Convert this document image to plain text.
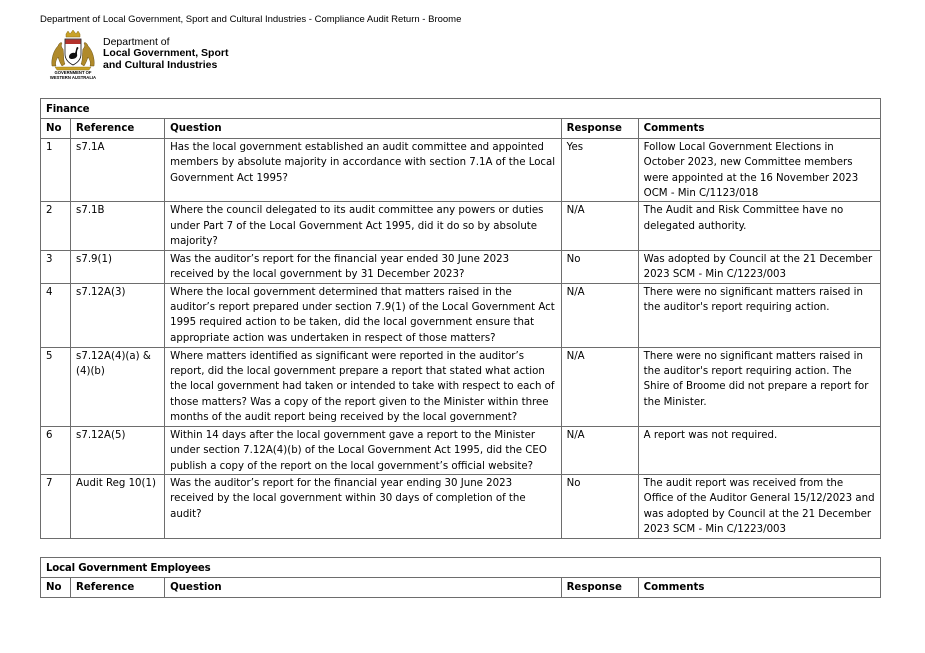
Department of Local Government, Sport and Cultural Industries - Compliance Audit Return - Broome
GOVERNMENT OF
WESTERN AUSTRALIA
Department of
Local Government, Sport
and Cultural Industries
Finance				
No	Reference	Question	Response	Comments
1	s7.1A	Has the local government established an audit committee and appointed members by absolute majority in accordance with section 7.1A of the Local Government Act 1995?	Yes	Follow Local Government Elections in October 2023, new Committee members were appointed at the 16 November 2023 OCM - Min C/1123/018
2	s7.1B	Where the council delegated to its audit committee any powers or duties under Part 7 of the Local Government Act 1995, did it do so by absolute majority?	N/A	The Audit and Risk Committee have no delegated authority.
3	s7.9(1)	Was the auditor’s report for the financial year ended 30 June 2023 received by the local government by 31 December 2023?	No	Was adopted by Council at the 21 December 2023 SCM - Min C/1223/003
4	s7.12A(3)	Where the local government determined that matters raised in the auditor’s report prepared under section 7.9(1) of the Local Government Act 1995 required action to be taken, did the local government ensure that appropriate action was undertaken in respect of those matters?	N/A	There were no significant matters raised in the auditor's report requiring action.
5	s7.12A(4)(a) & (4)(b)	Where matters identified as significant were reported in the auditor’s report, did the local government prepare a report that stated what action the local government had taken or intended to take with respect to each of those matters? Was a copy of the report given to the Minister within three months of the audit report being received by the local government?	N/A	There were no significant matters raised in the auditor's report requiring action. The Shire of Broome did not prepare a report for the Minister.
6	s7.12A(5)	Within 14 days after the local government gave a report to the Minister under section 7.12A(4)(b) of the Local Government Act 1995, did the CEO publish a copy of the report on the local government’s official website?	N/A	A report was not required.
7	Audit Reg 10(1)	Was the auditor’s report for the financial year ending 30 June 2023 received by the local government within 30 days of completion of the audit?	No	The audit report was received from the Office of the Auditor General 15/12/2023 and was adopted by Council at the 21 December 2023 SCM - Min C/1223/003
Local Government Employees
No	Reference	Question	Response	Comments
